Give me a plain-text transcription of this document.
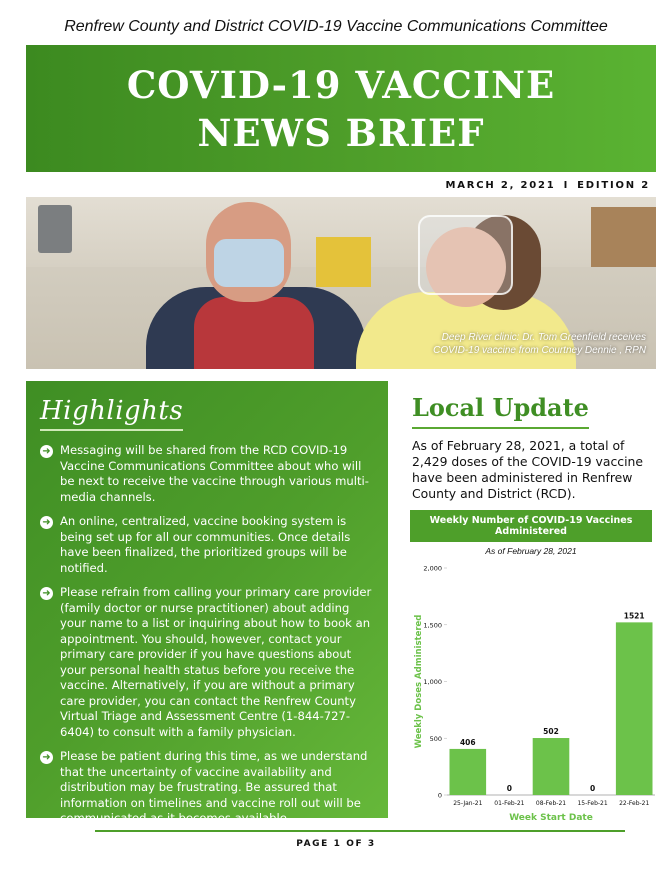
Renfrew County and District COVID-19 Vaccine Communications Committee
COVID-19 VACCINE
NEWS BRIEF
MARCH 2, 2021 I EDITION 2
Deep River clinic: Dr. Tom Greenfield receives
COVID-19 vaccine from Courtney Dennie , RPN
Highlights
➜ Messaging will be shared from the RCD COVID-19 Vaccine Communications Committee about who will be next to receive the vaccine through various multi-media channels.
➜ An online, centralized, vaccine booking system is being set up for all our communities. Once details have been finalized, the prioritized groups will be notified.
➜ Please refrain from calling your primary care provider (family doctor or nurse practitioner) about adding your name to a list or inquiring about how to book an appointment. You should, however, contact your primary care provider if you have questions about your personal health status before you receive the vaccine. Alternatively, if you are without a primary care provider, you can contact the Renfrew County Virtual Triage and Assessment Centre (1-844-727-6404) to consult with a family physician.
➜ Please be patient during this time, as we understand that the uncertainty of vaccine availability and distribution may be frustrating. Be assured that information on timelines and vaccine roll out will be communicated as it becomes available.
Local Update

As of February 28, 2021, a total of 2,429 doses of the COVID-19 vaccine have been administered in Renfrew County and District (RCD).

Weekly Number of COVID-19 Vaccines Administered
As of February 28, 2021
0
500
1,000
1,500
2,000
Weekly Doses Administered	406
25-Jan-21
0
01-Feb-21
502
08-Feb-21
0
15-Feb-21
1521
22-Feb-21
Week Start Date
PAGE 1 OF 3
